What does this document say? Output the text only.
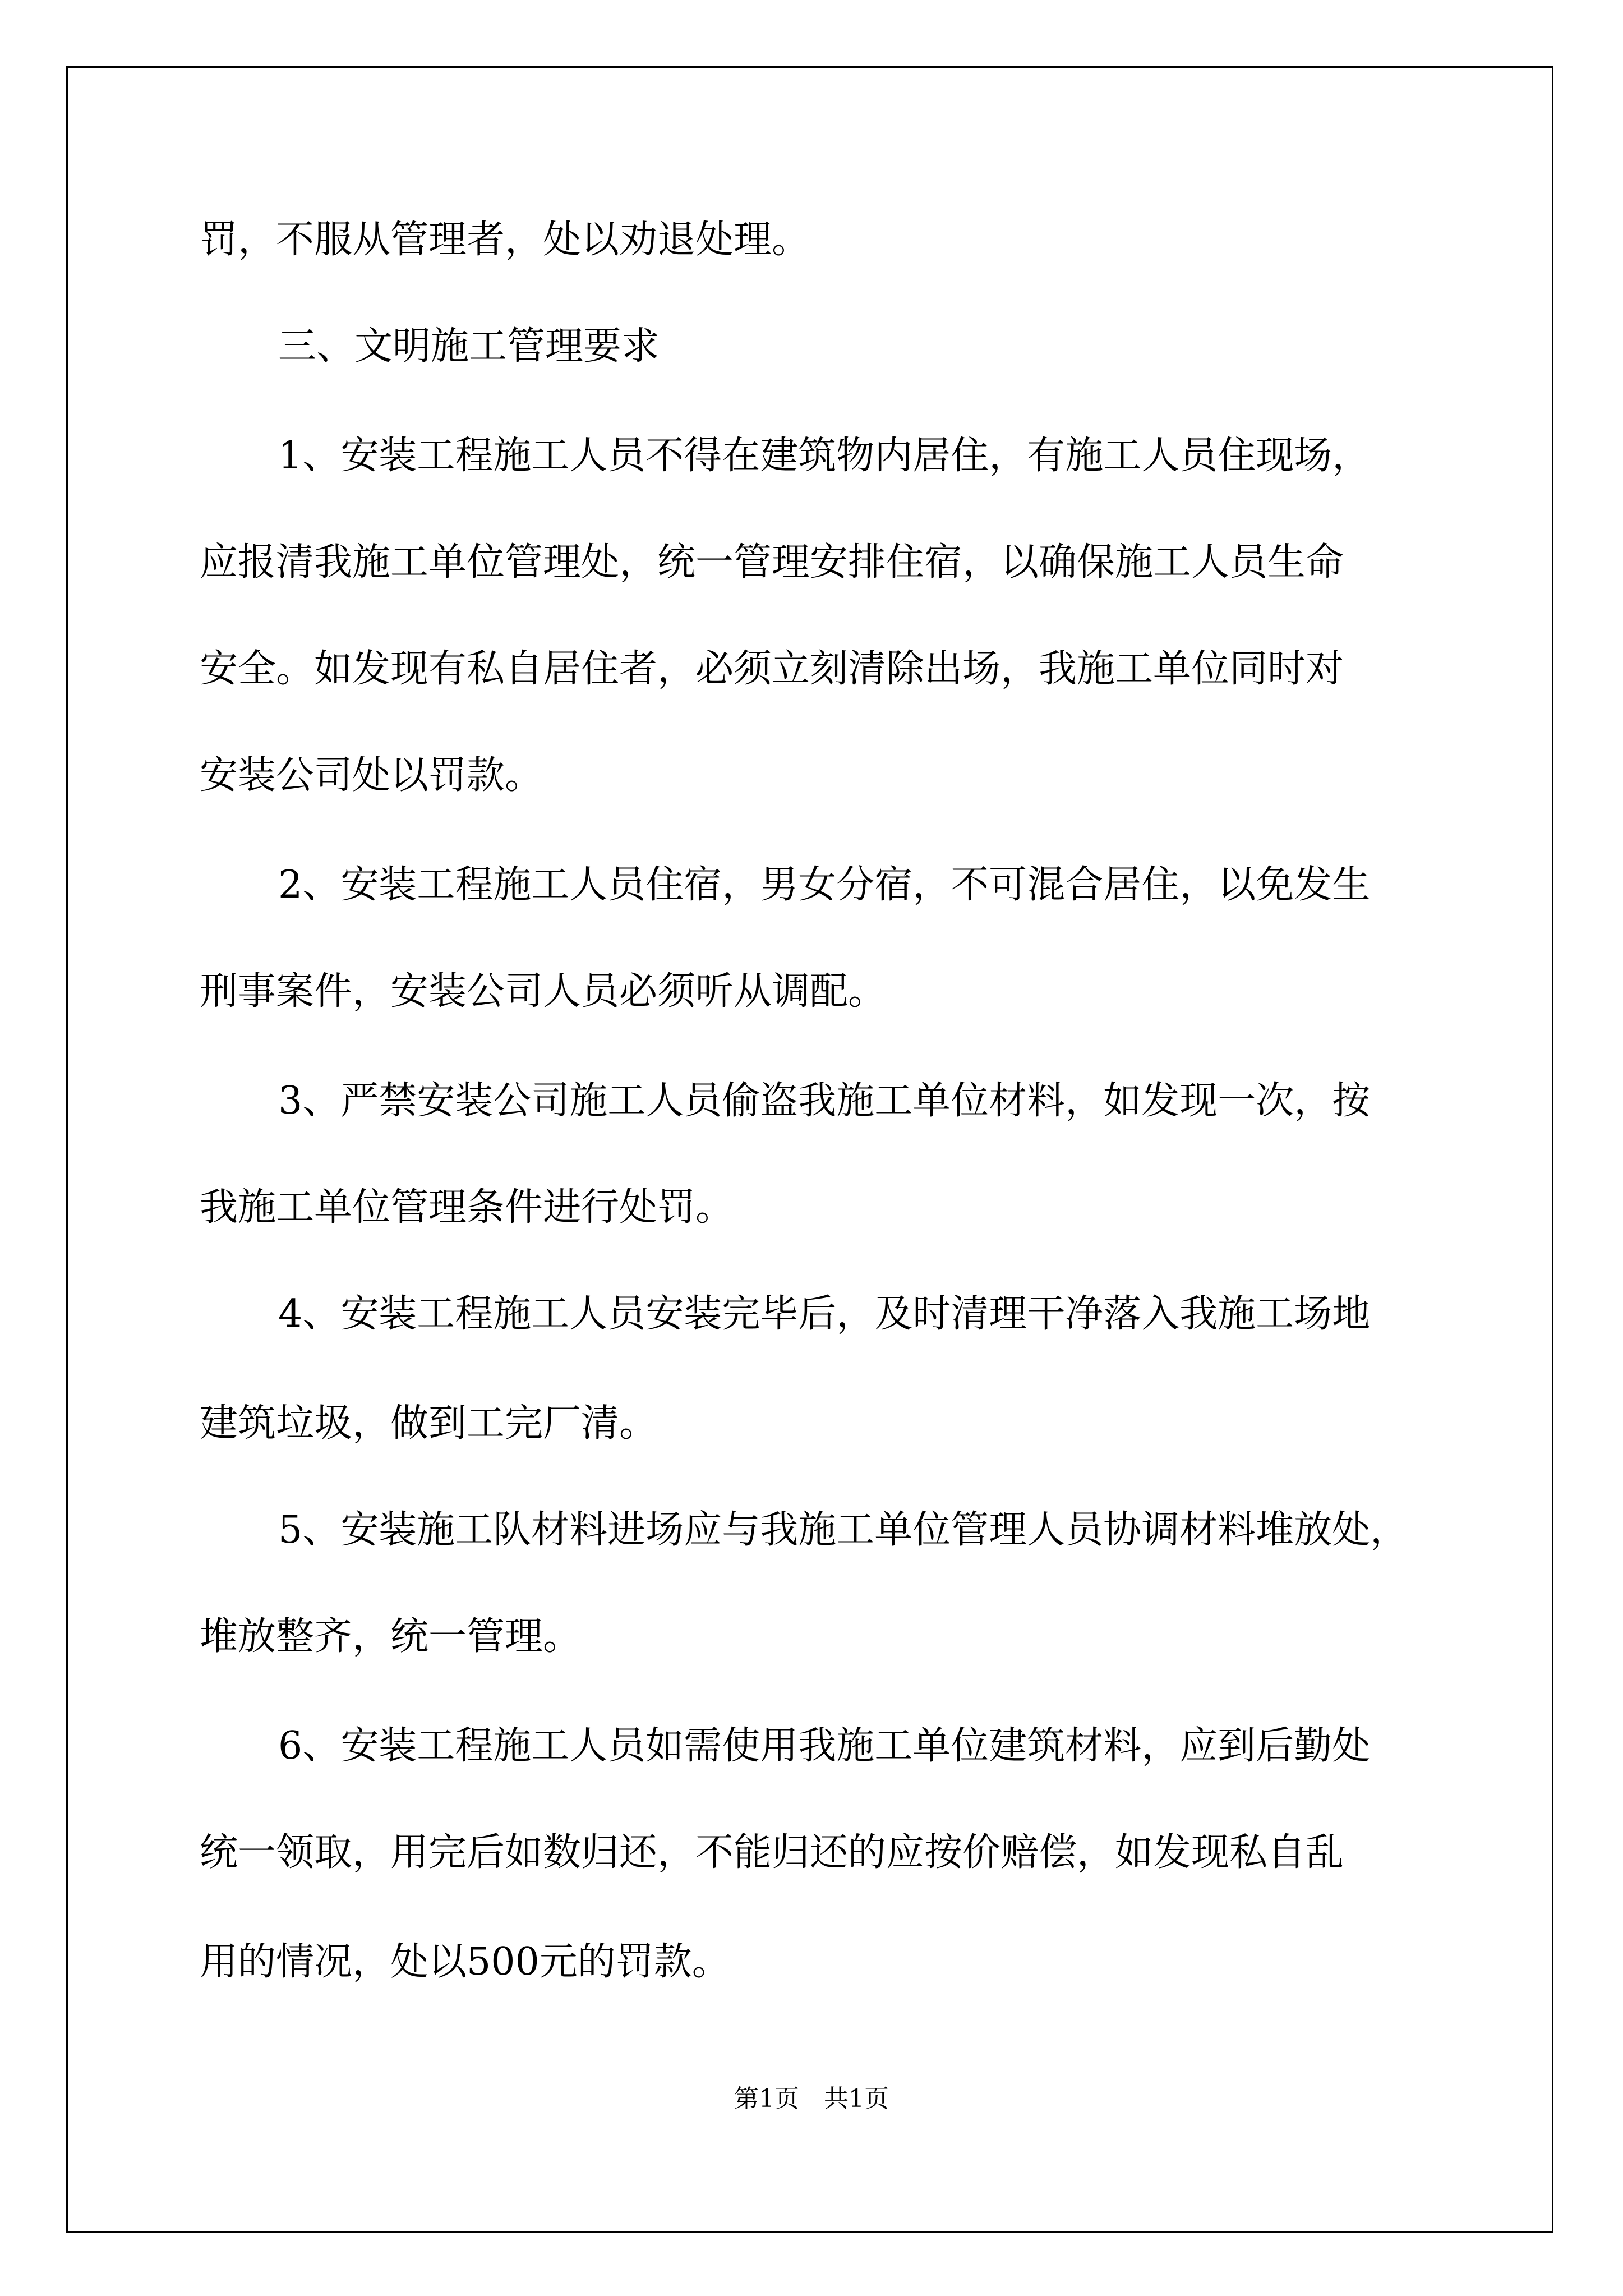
罚，不服从管理者，处以劝退处理。
三、文明施工管理要求
1、安装工程施工人员不得在建筑物内居住，有施工人员住现场，
应报清我施工单位管理处，统一管理安排住宿，以确保施工人员生命
安全。如发现有私自居住者，必须立刻清除出场，我施工单位同时对
安装公司处以罚款。
2、安装工程施工人员住宿，男女分宿，不可混合居住，以免发生
刑事案件，安装公司人员必须听从调配。
3、严禁安装公司施工人员偷盗我施工单位材料，如发现一次，按
我施工单位管理条件进行处罚。
4、安装工程施工人员安装完毕后，及时清理干净落入我施工场地
建筑垃圾，做到工完厂清。
5、安装施工队材料进场应与我施工单位管理人员协调材料堆放处，
堆放整齐，统一管理。
6、安装工程施工人员如需使用我施工单位建筑材料，应到后勤处
统一领取，用完后如数归还，不能归还的应按价赔偿，如发现私自乱
用的情况，处以500元的罚款。
第1页 共1页
